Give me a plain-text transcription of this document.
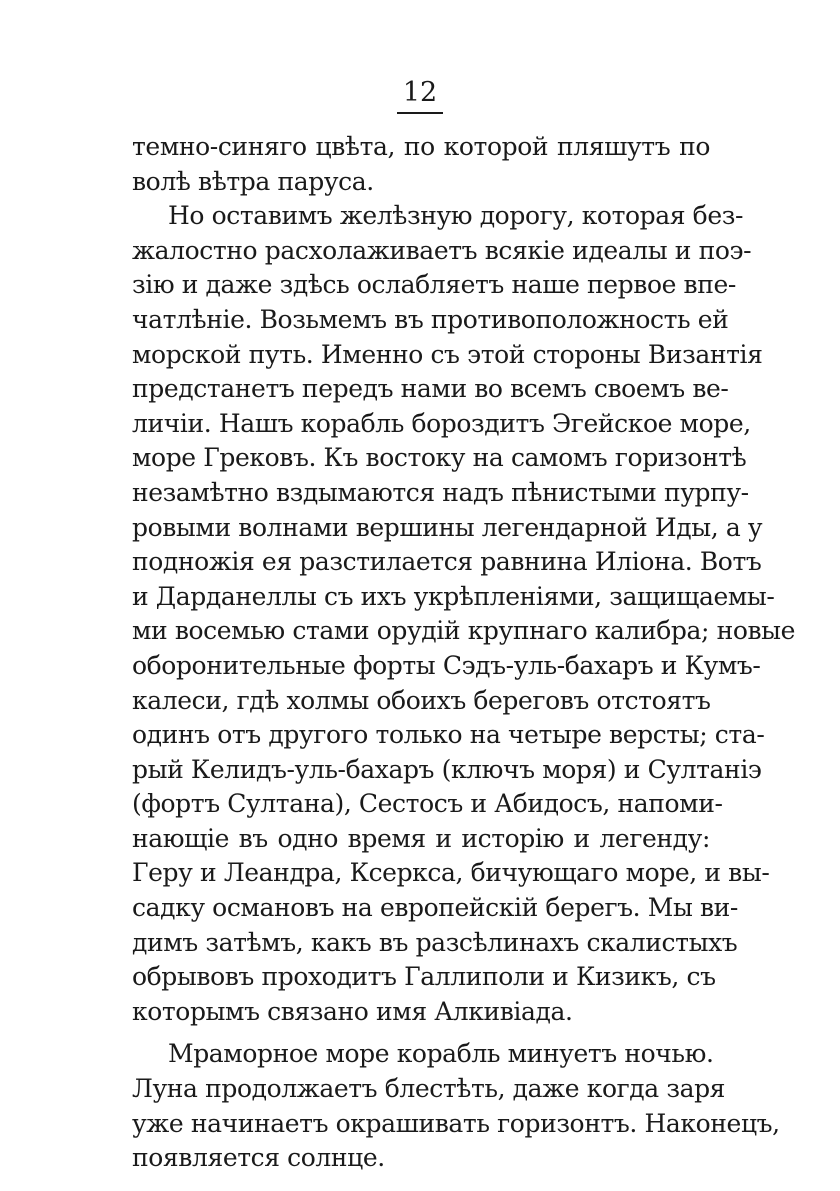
12
темно-синяго цвѣта, по которой пляшутъ по
волѣ вѣтра паруса.
Но оставимъ желѣзную дорогу, которая без-
жалостно расхолаживаетъ всякіе идеалы и поэ-
зію и даже здѣсь ослабляетъ наше первое впе-
чатлѣніе. Возьмемъ въ противоположность ей
морской путь. Именно съ этой стороны Византія
предстанетъ передъ нами во всемъ своемъ ве-
личіи. Нашъ корабль бороздитъ Эгейское море,
море Грековъ. Къ востоку на самомъ горизонтѣ
незамѣтно вздымаются надъ пѣнистыми пурпу-
ровыми волнами вершины легендарной Иды, а у
подножія ея разстилается равнина Иліона. Вотъ
и Дарданеллы съ ихъ укрѣпленіями, защищаемы-
ми восемью стами орудій крупнаго калибра; новые
оборонительные форты Сэдъ-уль-бахаръ и Кумъ-
калеси, гдѣ холмы обоихъ береговъ отстоятъ
одинъ отъ другого только на четыре версты; ста-
рый Келидъ-уль-бахаръ (ключъ моря) и Султаніэ
(фортъ Султана), Сестосъ и Абидосъ, напоми-
нающіе въ одно время и исторію и легенду:
Геру и Леандра, Ксеркса, бичующаго море, и вы-
садку османовъ на европейскій берегъ. Мы ви-
димъ затѣмъ, какъ въ разсѣлинахъ скалистыхъ
обрывовъ проходитъ Галлиполи и Кизикъ, съ
которымъ связано имя Алкивіада.
Мраморное море корабль минуетъ ночью.
Луна продолжаетъ блестѣть, даже когда заря
уже начинаетъ окрашивать горизонтъ. Наконецъ,
появляется солнце.
